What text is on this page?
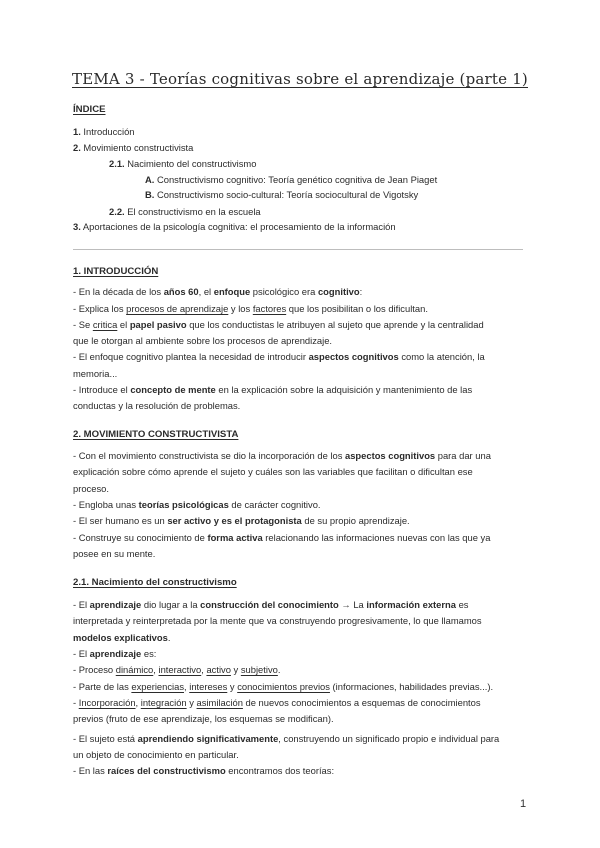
TEMA 3 - Teorías cognitivas sobre el aprendizaje (parte 1)
ÍNDICE
1. Introducción
2. Movimiento constructivista
2.1. Nacimiento del constructivismo
A. Constructivismo cognitivo: Teoría genético cognitiva de Jean Piaget
B. Constructivismo socio-cultural: Teoría sociocultural de Vigotsky
2.2. El constructivismo en la escuela
3. Aportaciones de la psicología cognitiva: el procesamiento de la información
1. INTRODUCCIÓN
- En la década de los años 60, el enfoque psicológico era cognitivo:
- Explica los procesos de aprendizaje y los factores que los posibilitan o los dificultan.
- Se critica el papel pasivo que los conductistas le atribuyen al sujeto que aprende y la centralidad
que le otorgan al ambiente sobre los procesos de aprendizaje.
- El enfoque cognitivo plantea la necesidad de introducir aspectos cognitivos como la atención, la
memoria...
- Introduce el concepto de mente en la explicación sobre la adquisición y mantenimiento de las
conductas y la resolución de problemas.
2. MOVIMIENTO CONSTRUCTIVISTA
- Con el movimiento constructivista se dio la incorporación de los aspectos cognitivos para dar una
explicación sobre cómo aprende el sujeto y cuáles son las variables que facilitan o dificultan ese
proceso.
- Engloba unas teorías psicológicas de carácter cognitivo.
- El ser humano es un ser activo y es el protagonista de su propio aprendizaje.
- Construye su conocimiento de forma activa relacionando las informaciones nuevas con las que ya
posee en su mente.
2.1. Nacimiento del constructivismo
- El aprendizaje dio lugar a la construcción del conocimiento → La información externa es
interpretada y reinterpretada por la mente que va construyendo progresivamente, lo que llamamos
modelos explicativos.
- El aprendizaje es:
- Proceso dinámico, interactivo, activo y subjetivo.
- Parte de las experiencias, intereses y conocimientos previos (informaciones, habilidades previas...).
- Incorporación, integración y asimilación de nuevos conocimientos a esquemas de conocimientos
previos (fruto de ese aprendizaje, los esquemas se modifican).
- El sujeto está aprendiendo significativamente, construyendo un significado propio e individual para
un objeto de conocimiento en particular.
- En las raíces del constructivismo encontramos dos teorías:
1
